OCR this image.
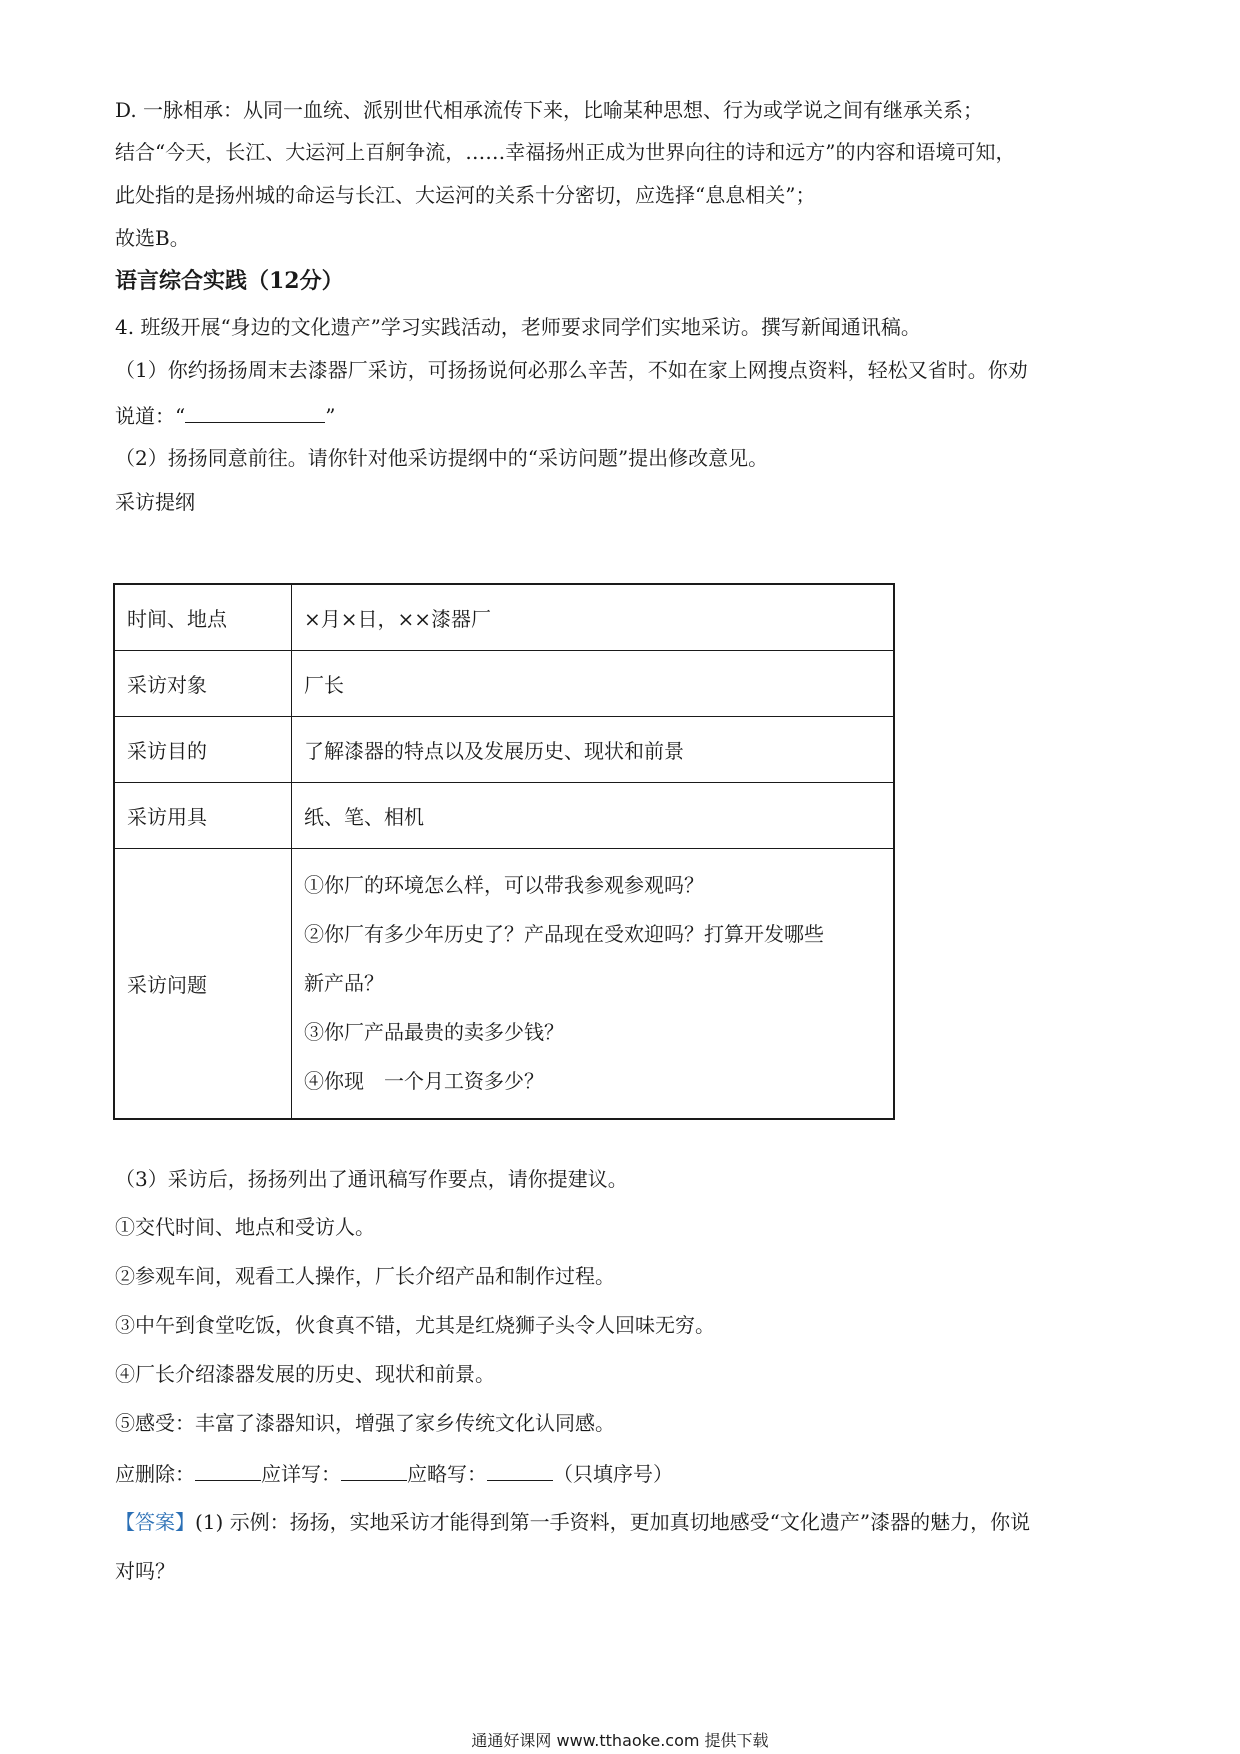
D. 一脉相承：从同一血统、派别世代相承流传下来，比喻某种思想、行为或学说之间有继承关系；
结合“今天，长江、大运河上百舸争流，……幸福扬州正成为世界向往的诗和远方”的内容和语境可知，
此处指的是扬州城的命运与长江、大运河的关系十分密切，应选择“息息相关”；
故选B。
语言综合实践（12分）
4. 班级开展“身边的文化遗产”学习实践活动，老师要求同学们实地采访。撰写新闻通讯稿。
（1）你约扬扬周末去漆器厂采访，可扬扬说何必那么辛苦，不如在家上网搜点资料，轻松又省时。你劝
说道：“	”
（2）扬扬同意前往。请你针对他采访提纲中的“采访问题”提出修改意见。
采访提纲
时间、地点	×月×日，××漆器厂
采访对象	厂长
采访目的	了解漆器的特点以及发展历史、现状和前景
采访用具	纸、笔、相机
采访问题	①你厂的环境怎么样，可以带我参观参观吗？
②你厂有多少年历史了？产品现在受欢迎吗？打算开发哪些
新产品？
③你厂产品最贵的卖多少钱？
④你现　一个月工资多少？
（3）采访后，扬扬列出了通讯稿写作要点，请你提建议。
①交代时间、地点和受访人。
②参观车间，观看工人操作，厂长介绍产品和制作过程。
③中午到食堂吃饭，伙食真不错，尤其是红烧狮子头令人回味无穷。
④厂长介绍漆器发展的历史、现状和前景。
⑤感受：丰富了漆器知识，增强了家乡传统文化认同感。
应删除：	应详写：	应略写：	（只填序号）
【答案】(1) 示例：扬扬，实地采访才能得到第一手资料，更加真切地感受“文化遗产”漆器的魅力，你说
对吗？
通通好课网 www.tthaoke.com 提供下载
